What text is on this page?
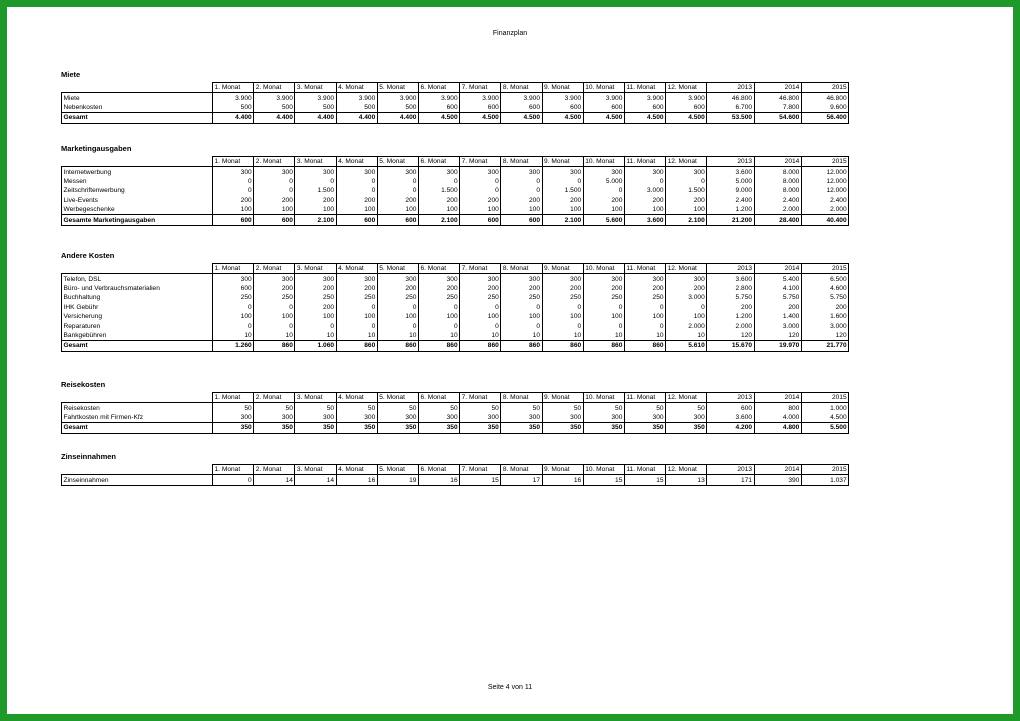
Finanzplan
Miete
	1. Monat	2. Monat	3. Monat	4. Monat	5. Monat	6. Monat	7. Monat	8. Monat	9. Monat	10. Monat	11. Monat	12. Monat	2013	2014	2015
Miete	3.900	3.900	3.900	3.900	3.900	3.900	3.900	3.900	3.900	3.900	3.900	3.900	46.800	46.800	46.800
Nebenkosten	500	500	500	500	500	600	600	600	600	600	600	600	6.700	7.800	9.600
Gesamt	4.400	4.400	4.400	4.400	4.400	4.500	4.500	4.500	4.500	4.500	4.500	4.500	53.500	54.600	56.400
Marketingausgaben
	1. Monat	2. Monat	3. Monat	4. Monat	5. Monat	6. Monat	7. Monat	8. Monat	9. Monat	10. Monat	11. Monat	12. Monat	2013	2014	2015
Internetwerbung	300	300	300	300	300	300	300	300	300	300	300	300	3.600	8.000	12.000
Messen	0	0	0	0	0	0	0	0	0	5.000	0	0	5.000	8.000	12.000
Zeitschriftenwerbung	0	0	1.500	0	0	1.500	0	0	1.500	0	3.000	1.500	9.000	8.000	12.000
Live-Events	200	200	200	200	200	200	200	200	200	200	200	200	2.400	2.400	2.400
Werbegeschenke	100	100	100	100	100	100	100	100	100	100	100	100	1.200	2.000	2.000
Gesamte Marketingausgaben	600	600	2.100	600	600	2.100	600	600	2.100	5.600	3.600	2.100	21.200	28.400	40.400
Andere Kosten
	1. Monat	2. Monat	3. Monat	4. Monat	5. Monat	6. Monat	7. Monat	8. Monat	9. Monat	10. Monat	11. Monat	12. Monat	2013	2014	2015
Telefon, DSL	300	300	300	300	300	300	300	300	300	300	300	300	3.600	5.400	6.500
Büro- und Verbrauchsmaterialien	600	200	200	200	200	200	200	200	200	200	200	200	2.800	4.100	4.600
Buchhaltung	250	250	250	250	250	250	250	250	250	250	250	3.000	5.750	5.750	5.750
IHK Gebühr	0	0	200	0	0	0	0	0	0	0	0	0	200	200	200
Versicherung	100	100	100	100	100	100	100	100	100	100	100	100	1.200	1.400	1.600
Reparaturen	0	0	0	0	0	0	0	0	0	0	0	2.000	2.000	3.000	3.000
Bankgebühren	10	10	10	10	10	10	10	10	10	10	10	10	120	120	120
Gesamt	1.260	860	1.060	860	860	860	860	860	860	860	860	5.610	15.670	19.970	21.770
Reisekosten
	1. Monat	2. Monat	3. Monat	4. Monat	5. Monat	6. Monat	7. Monat	8. Monat	9. Monat	10. Monat	11. Monat	12. Monat	2013	2014	2015
Reisekosten	50	50	50	50	50	50	50	50	50	50	50	50	600	800	1.000
Fahrtkosten mit Firmen-Kfz	300	300	300	300	300	300	300	300	300	300	300	300	3.600	4.000	4.500
Gesamt	350	350	350	350	350	350	350	350	350	350	350	350	4.200	4.800	5.500
Zinseinnahmen
	1. Monat	2. Monat	3. Monat	4. Monat	5. Monat	6. Monat	7. Monat	8. Monat	9. Monat	10. Monat	11. Monat	12. Monat	2013	2014	2015
Zinseinnahmen	0	14	14	16	19	16	15	17	16	15	15	13	171	390	1.037
Seite 4 von 11
